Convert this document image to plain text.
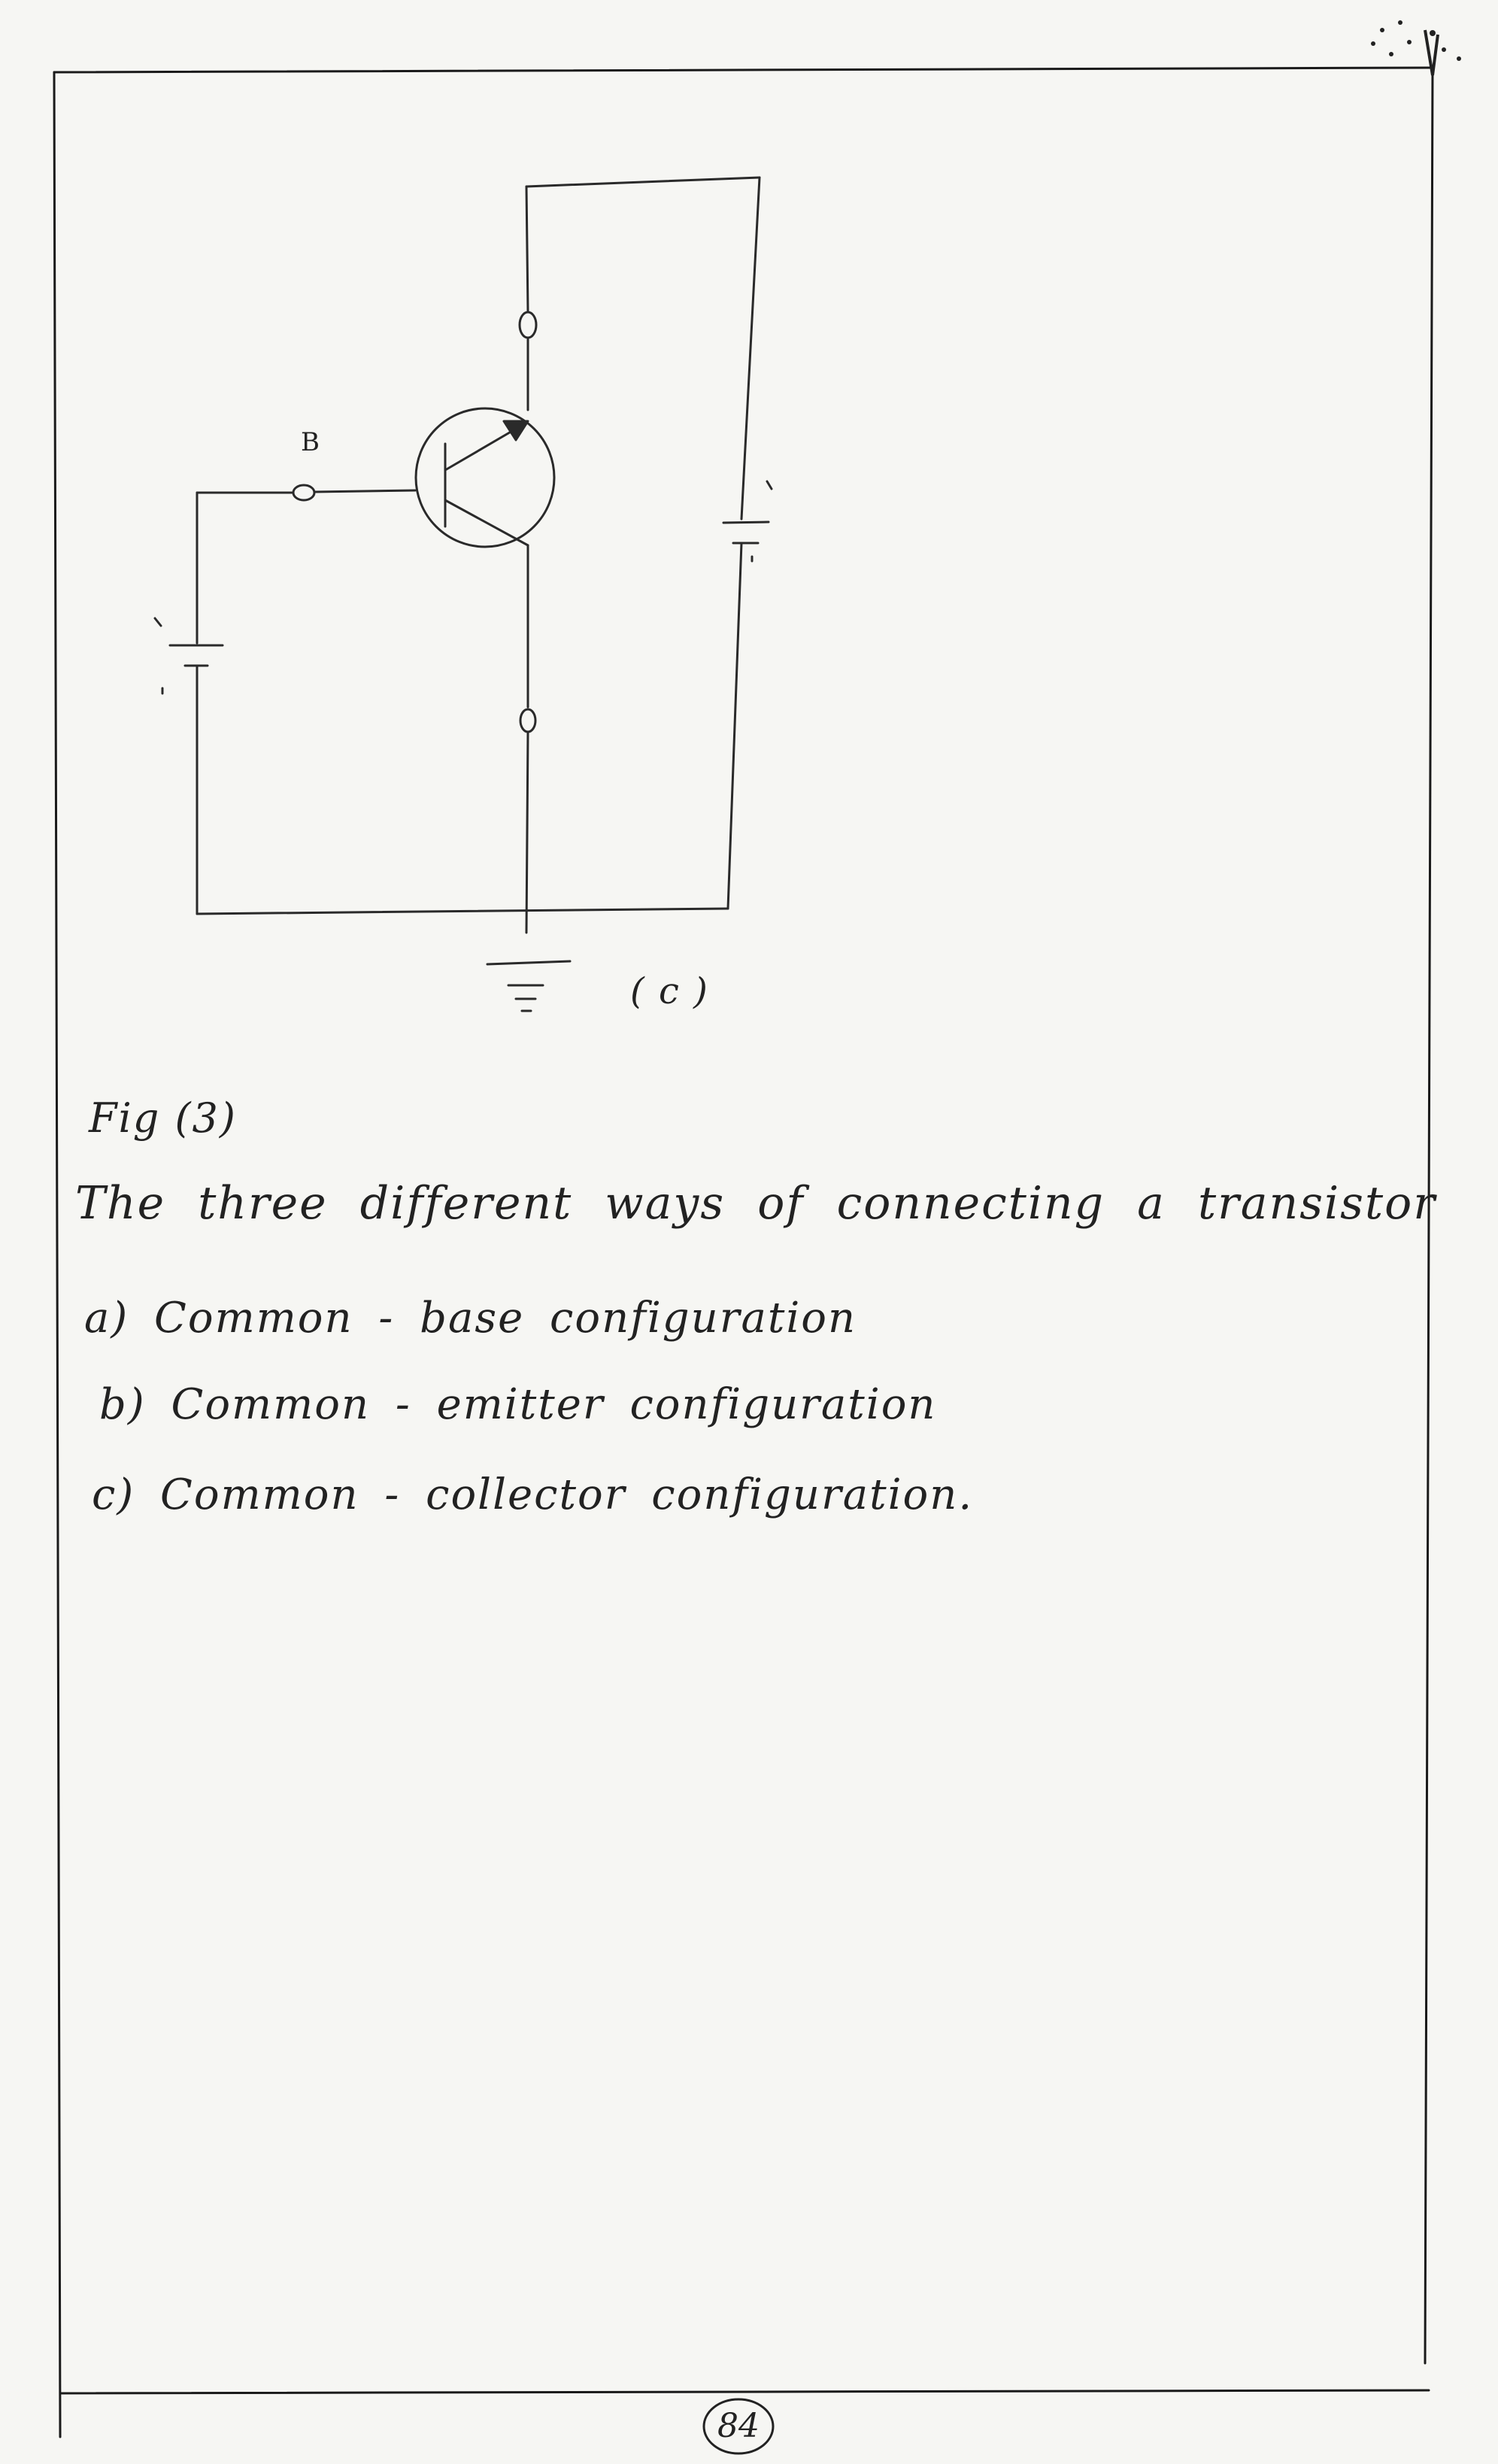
B
( c )
Fig (3)
The three different ways of connecting a transistor
a) Common - base configuration
b) Common - emitter configuration
c) Common - collector configuration.
84
